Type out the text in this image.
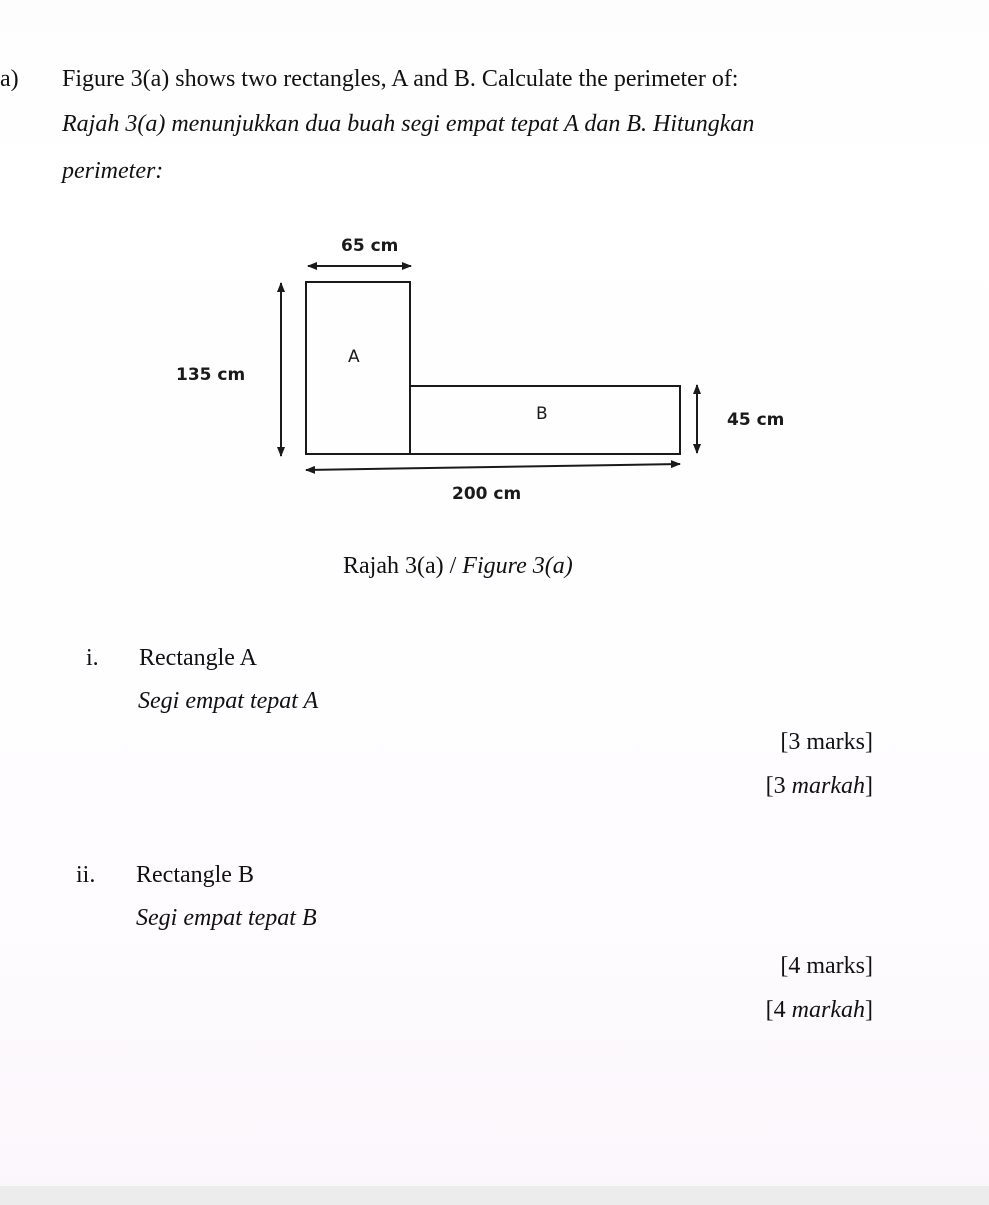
a) Figure 3(a) shows two rectangles, A and B. Calculate the perimeter of:
Rajah 3(a) menunjukkan dua buah segi empat tepat A dan B. Hitungkan
perimeter:
65 cm
135 cm
45 cm
200 cm
A
B
Rajah 3(a) / Figure 3(a)
i. Rectangle A
Segi empat tepat A
[3 marks]
[3 markah]
ii. Rectangle B
Segi empat tepat B
[4 marks]
[4 markah]
